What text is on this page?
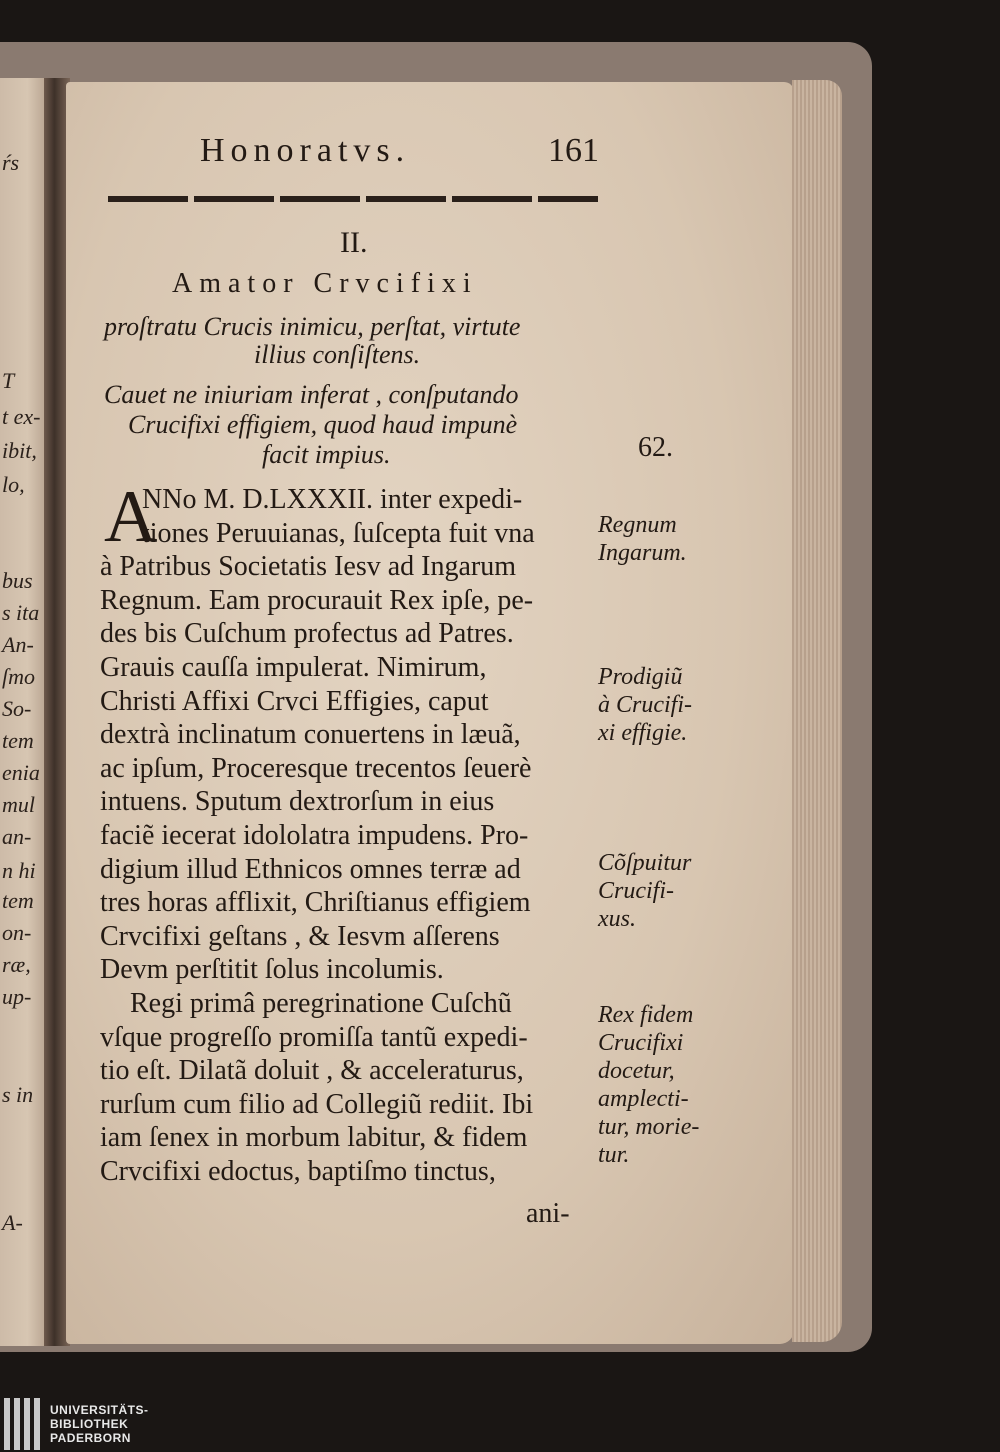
ŕs
T
t ex-
ibit,
lo,
bus
s ita
An-
ſmo
So-
tem
enia
mul
an-
n hi
tem
on-
ræ,
up-
s in
A-
Honoratvs.	161
II.
Amator Crvcifixi
proſtratu Crucis inimicu, perſtat, virtute
illius conſiſtens.
Cauet ne iniuriam inferat , conſputando
Crucifixi effigiem, quod haud impunè
facit impius.	62.
A
NNo M. D.LXXXII. inter expedi-
tiones Peruuianas, ſuſcepta fuit vna
à Patribus Societatis Iesv ad Ingarum
Regnum. Eam procurauit Rex ipſe, pe-
des bis Cuſchum profectus ad Patres.
Grauis cauſſa impulerat. Nimirum,
Christi Affixi Crvci Effigies, caput
dextrà inclinatum conuertens in læuã,
ac ipſum, Proceresque trecentos ſeuerè
intuens. Sputum dextrorſum in eius
faciẽ iecerat idololatra impudens. Pro-
digium illud Ethnicos omnes terræ ad
tres horas afflixit, Chriſtianus effigiem
Crvcifixi geſtans , & Iesvm aſſerens
Devm perſtitit ſolus incolumis.
Regi primâ peregrinatione Cuſchũ
vſque progreſſo promiſſa tantũ expedi-
tio eſt. Dilatã doluit , & acceleraturus,
rurſum cum filio ad Collegiũ rediit. Ibi
iam ſenex in morbum labitur, & fidem
Crvcifixi edoctus, baptiſmo tinctus,
Regnum
Ingarum.
Prodigiũ
à Crucifi-
xi effigie.
Cõſpuitur
Crucifi-
xus.
Rex fidem
Crucifixi
docetur,
amplecti-
tur, morie-
tur.
ani-
UNIVERSITÄTS-
BIBLIOTHEK
PADERBORN
